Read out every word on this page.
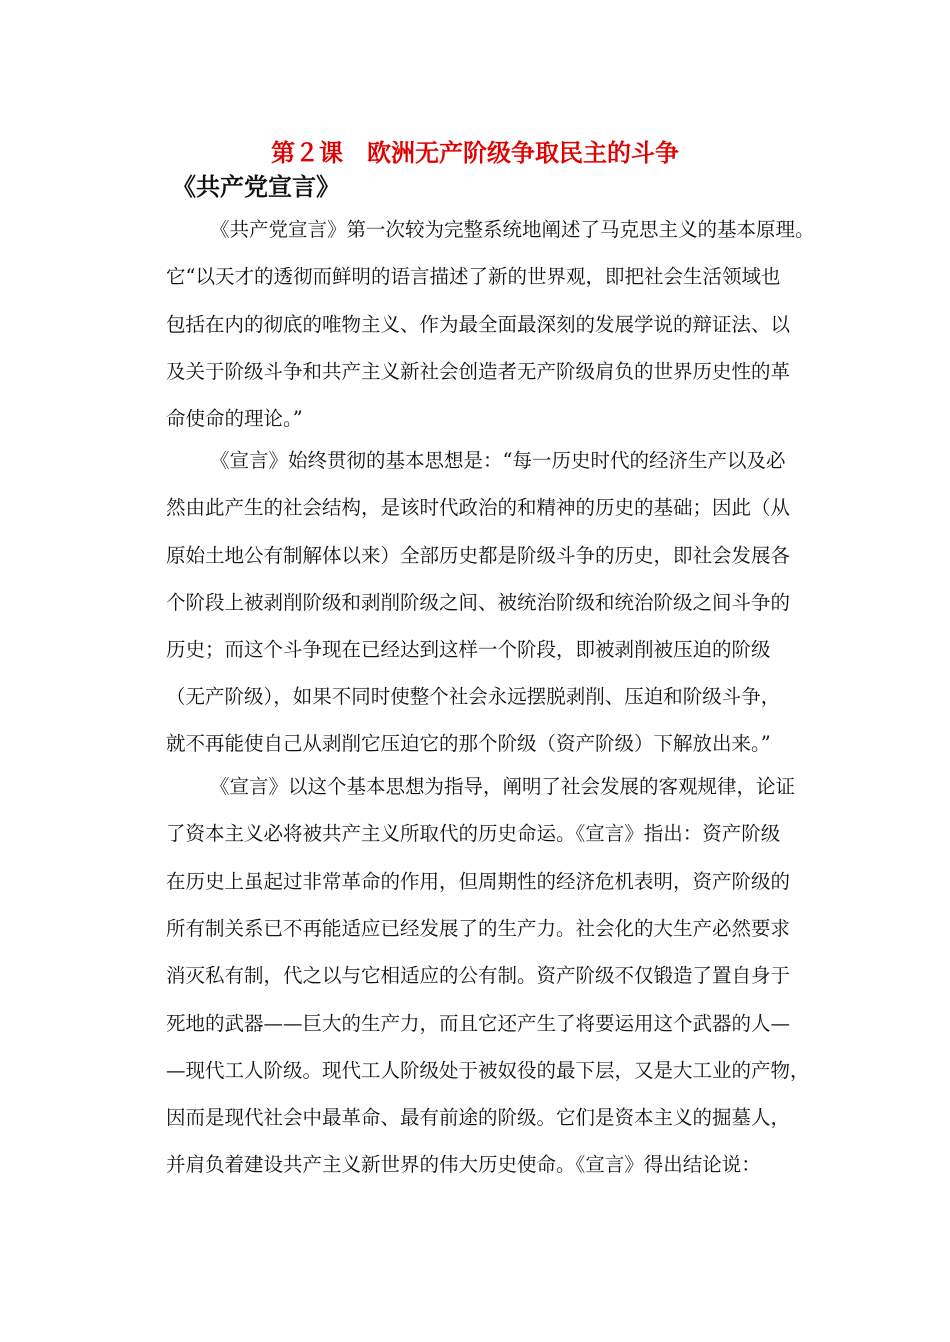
第２课　欧洲无产阶级争取民主的斗争
《共产党宣言》

《共产党宣言》第一次较为完整系统地阐述了马克思主义的基本原理。

它“以天才的透彻而鲜明的语言描述了新的世界观，即把社会生活领域也

包括在内的彻底的唯物主义、作为最全面最深刻的发展学说的辩证法、以

及关于阶级斗争和共产主义新社会创造者无产阶级肩负的世界历史性的革

命使命的理论。”

《宣言》始终贯彻的基本思想是：“每一历史时代的经济生产以及必

然由此产生的社会结构，是该时代政治的和精神的历史的基础；因此（从

原始土地公有制解体以来）全部历史都是阶级斗争的历史，即社会发展各

个阶段上被剥削阶级和剥削阶级之间、被统治阶级和统治阶级之间斗争的

历史；而这个斗争现在已经达到这样一个阶段，即被剥削被压迫的阶级

（无产阶级），如果不同时使整个社会永远摆脱剥削、压迫和阶级斗争，

就不再能使自己从剥削它压迫它的那个阶级（资产阶级）下解放出来。”

《宣言》以这个基本思想为指导，阐明了社会发展的客观规律，论证

了资本主义必将被共产主义所取代的历史命运。《宣言》指出：资产阶级

在历史上虽起过非常革命的作用，但周期性的经济危机表明，资产阶级的

所有制关系已不再能适应已经发展了的生产力。社会化的大生产必然要求

消灭私有制，代之以与它相适应的公有制。资产阶级不仅锻造了置自身于

死地的武器——巨大的生产力，而且它还产生了将要运用这个武器的人—

—现代工人阶级。现代工人阶级处于被奴役的最下层，又是大工业的产物，

因而是现代社会中最革命、最有前途的阶级。它们是资本主义的掘墓人，

并肩负着建设共产主义新世界的伟大历史使命。《宣言》得出结论说：
